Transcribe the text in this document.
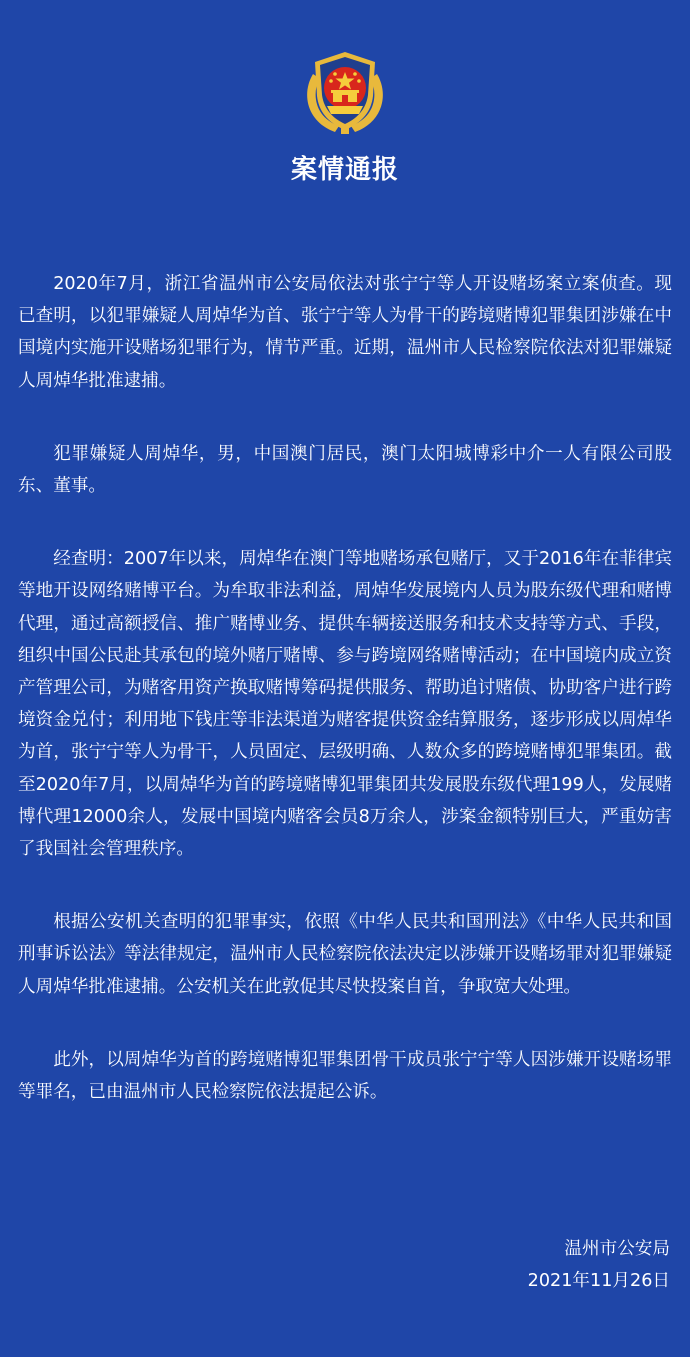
案情通报

2020年7月，浙江省温州市公安局依法对张宁宁等人开设赌场案立案侦查。现已查明，以犯罪嫌疑人周焯华为首、张宁宁等人为骨干的跨境赌博犯罪集团涉嫌在中国境内实施开设赌场犯罪行为，情节严重。近期，温州市人民检察院依法对犯罪嫌疑人周焯华批准逮捕。

犯罪嫌疑人周焯华，男，中国澳门居民，澳门太阳城博彩中介一人有限公司股东、董事。

经查明：2007年以来，周焯华在澳门等地赌场承包赌厅，又于2016年在菲律宾等地开设网络赌博平台。为牟取非法利益，周焯华发展境内人员为股东级代理和赌博代理，通过高额授信、推广赌博业务、提供车辆接送服务和技术支持等方式、手段，组织中国公民赴其承包的境外赌厅赌博、参与跨境网络赌博活动；在中国境内成立资产管理公司，为赌客用资产换取赌博筹码提供服务、帮助追讨赌债、协助客户进行跨境资金兑付；利用地下钱庄等非法渠道为赌客提供资金结算服务，逐步形成以周焯华为首，张宁宁等人为骨干，人员固定、层级明确、人数众多的跨境赌博犯罪集团。截至2020年7月，以周焯华为首的跨境赌博犯罪集团共发展股东级代理199人，发展赌博代理12000余人，发展中国境内赌客会员8万余人，涉案金额特别巨大，严重妨害了我国社会管理秩序。

根据公安机关查明的犯罪事实，依照《中华人民共和国刑法》《中华人民共和国刑事诉讼法》等法律规定，温州市人民检察院依法决定以涉嫌开设赌场罪对犯罪嫌疑人周焯华批准逮捕。公安机关在此敦促其尽快投案自首，争取宽大处理。

此外，以周焯华为首的跨境赌博犯罪集团骨干成员张宁宁等人因涉嫌开设赌场罪等罪名，已由温州市人民检察院依法提起公诉。

温州市公安局
2021年11月26日
